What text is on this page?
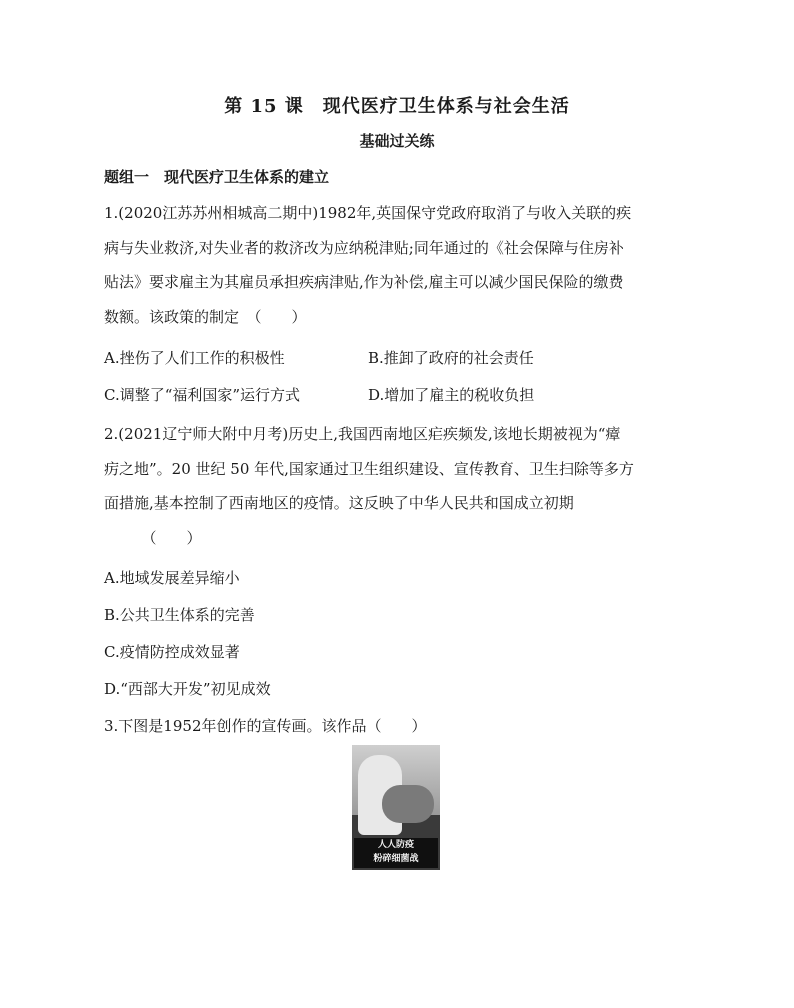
第 15 课　现代医疗卫生体系与社会生活
基础过关练
题组一　现代医疗卫生体系的建立
1.(2020江苏苏州相城高二期中)1982年,英国保守党政府取消了与收入关联的疾
病与失业救济,对失业者的救济改为应纳税津贴;同年通过的《社会保障与住房补
贴法》要求雇主为其雇员承担疾病津贴,作为补偿,雇主可以减少国民保险的缴费
数额。该政策的制定　（　　）
A.挫伤了人们工作的积极性	B.推卸了政府的社会责任
C.调整了“福利国家”运行方式	D.增加了雇主的税收负担
2.(2021辽宁师大附中月考)历史上,我国西南地区疟疾频发,该地长期被视为“瘴
疠之地”。20 世纪 50 年代,国家通过卫生组织建设、宣传教育、卫生扫除等多方
面措施,基本控制了西南地区的疫情。这反映了中华人民共和国成立初期
　　　（　　）
A.地域发展差异缩小
B.公共卫生体系的完善
C.疫情防控成效显著
D.“西部大开发”初见成效
3.下图是1952年创作的宣传画。该作品（　　）
人人防疫
粉碎细菌战
